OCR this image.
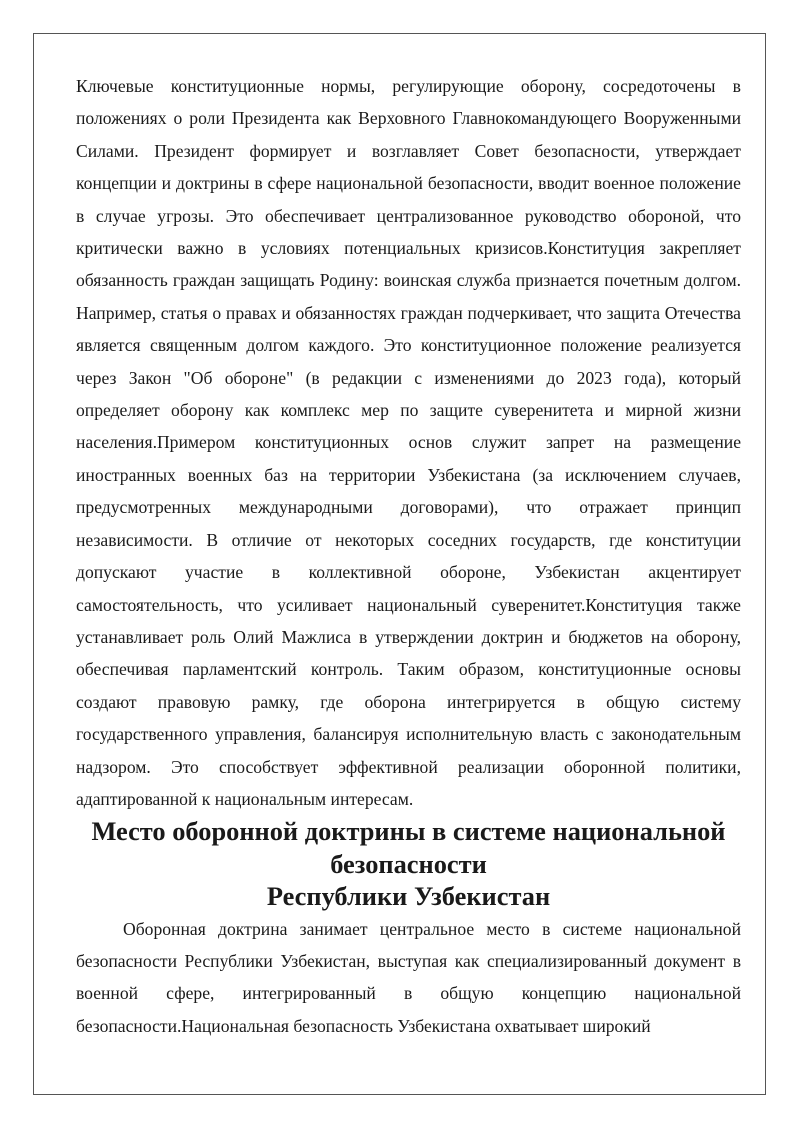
Ключевые конституционные нормы, регулирующие оборону, сосредоточены в положениях о роли Президента как Верховного Главнокомандующего Вооруженными Силами. Президент формирует и возглавляет Совет безопасности, утверждает концепции и доктрины в сфере национальной безопасности, вводит военное положение в случае угрозы. Это обеспечивает централизованное руководство обороной, что критически важно в условиях потенциальных кризисов.Конституция закрепляет обязанность граждан защищать Родину: воинская служба признается почетным долгом. Например, статья о правах и обязанностях граждан подчеркивает, что защита Отечества является священным долгом каждого. Это конституционное положение реализуется через Закон "Об обороне" (в редакции с изменениями до 2023 года), который определяет оборону как комплекс мер по защите суверенитета и мирной жизни населения.Примером конституционных основ служит запрет на размещение иностранных военных баз на территории Узбекистана (за исключением случаев, предусмотренных международными договорами), что отражает принцип независимости. В отличие от некоторых соседних государств, где конституции допускают участие в коллективной обороне, Узбекистан акцентирует самостоятельность, что усиливает национальный суверенитет.Конституция также устанавливает роль Олий Мажлиса в утверждении доктрин и бюджетов на оборону, обеспечивая парламентский контроль. Таким образом, конституционные основы создают правовую рамку, где оборона интегрируется в общую систему государственного управления, балансируя исполнительную власть с законодательным надзором. Это способствует эффективной реализации оборонной политики, адаптированной к национальным интересам.

Место оборонной доктрины в системе национальной безопасности
Республики Узбекистан

Оборонная доктрина занимает центральное место в системе национальной безопасности Республики Узбекистан, выступая как специализированный документ в военной сфере, интегрированный в общую концепцию национальной безопасности.Национальная безопасность Узбекистана охватывает широкий
